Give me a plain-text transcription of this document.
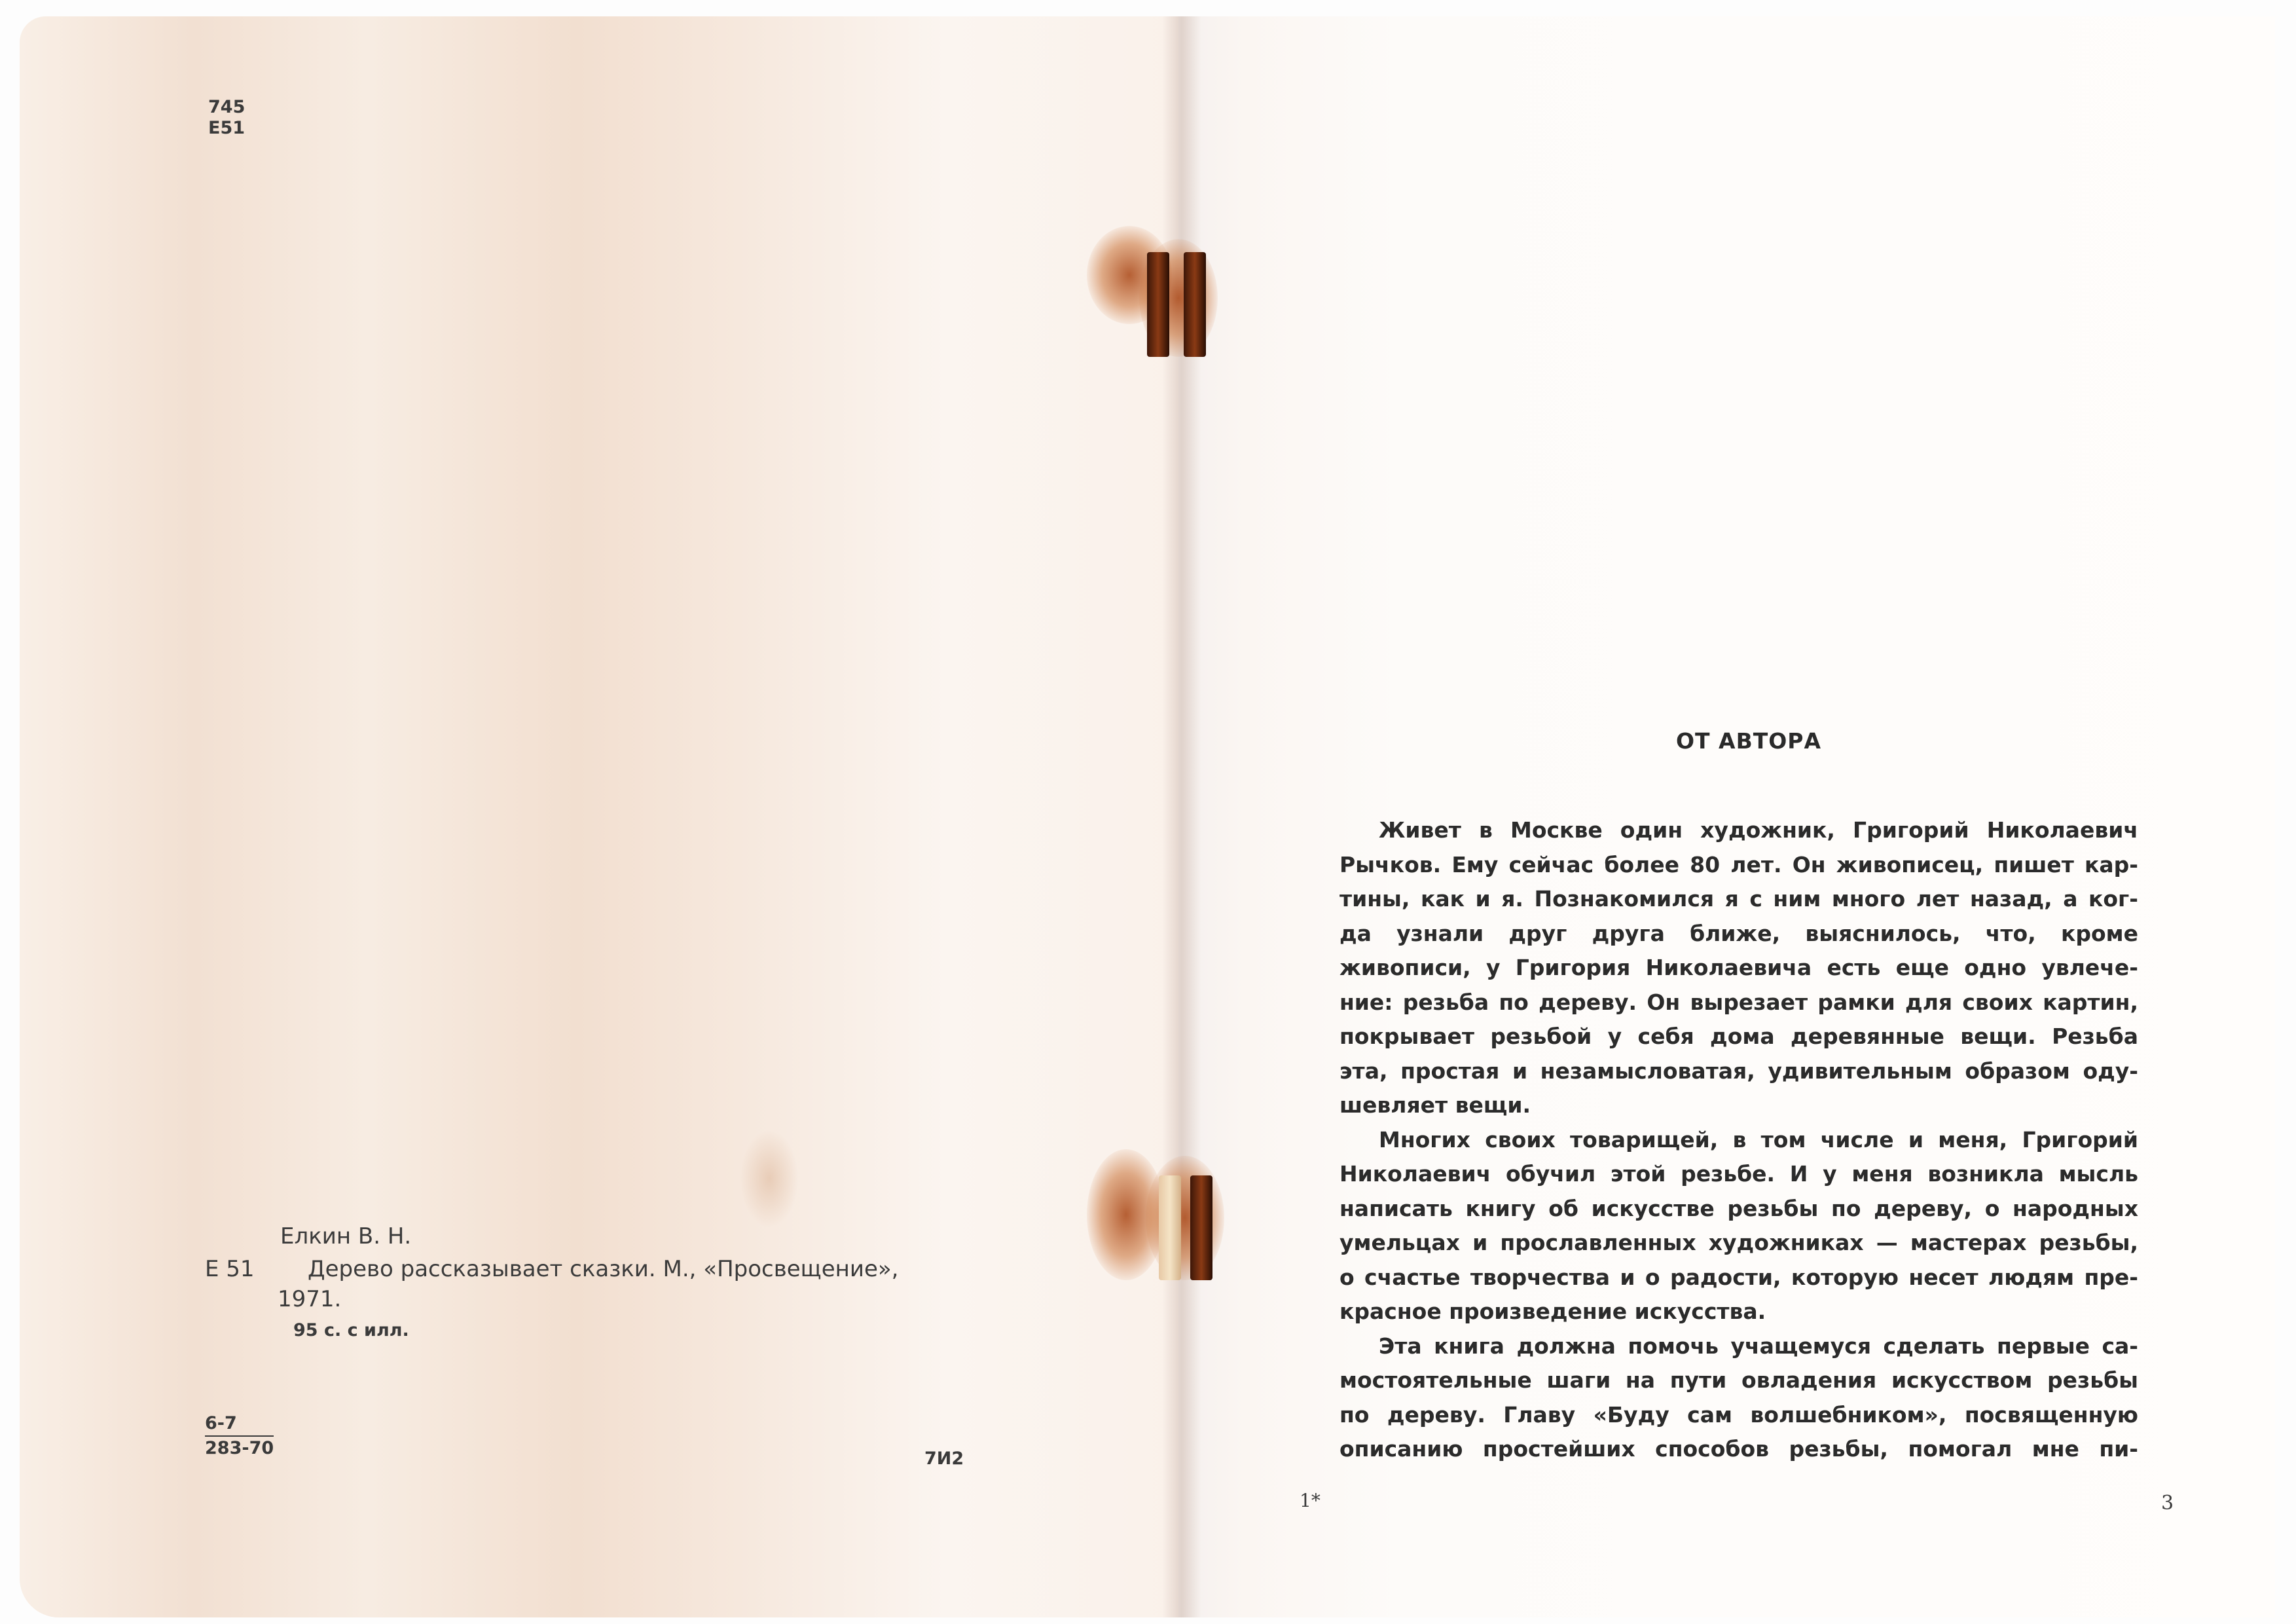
745
Е51
Елкин В. Н.
Е 51 Дерево рассказывает сказки. М., «Просвещение»,
1971.
95 с. с илл.
6-7
283-70
7И2
ОТ АВТОРА
Живет в Москве один художник, Григорий Николаевич
Рычков. Ему сейчас более 80 лет. Он живописец, пишет кар-
тины, как и я. Познакомился я с ним много лет назад, а ког-
да узнали друг друга ближе, выяснилось, что, кроме
живописи, у Григория Николаевича есть еще одно увлече-
ние: резьба по дереву. Он вырезает рамки для своих картин,
покрывает резьбой у себя дома деревянные вещи. Резьба
эта, простая и незамысловатая, удивительным образом оду-
шевляет вещи.
Многих своих товарищей, в том числе и меня, Григорий
Николаевич обучил этой резьбе. И у меня возникла мысль
написать книгу об искусстве резьбы по дереву, о народных
умельцах и прославленных художниках — мастерах резьбы,
о счастье творчества и о радости, которую несет людям пре-
красное произведение искусства.
Эта книга должна помочь учащемуся сделать первые са-
мостоятельные шаги на пути овладения искусством резьбы
по дереву. Главу «Буду сам волшебником», посвященную
описанию простейших способов резьбы, помогал мне пи-
1*	3
